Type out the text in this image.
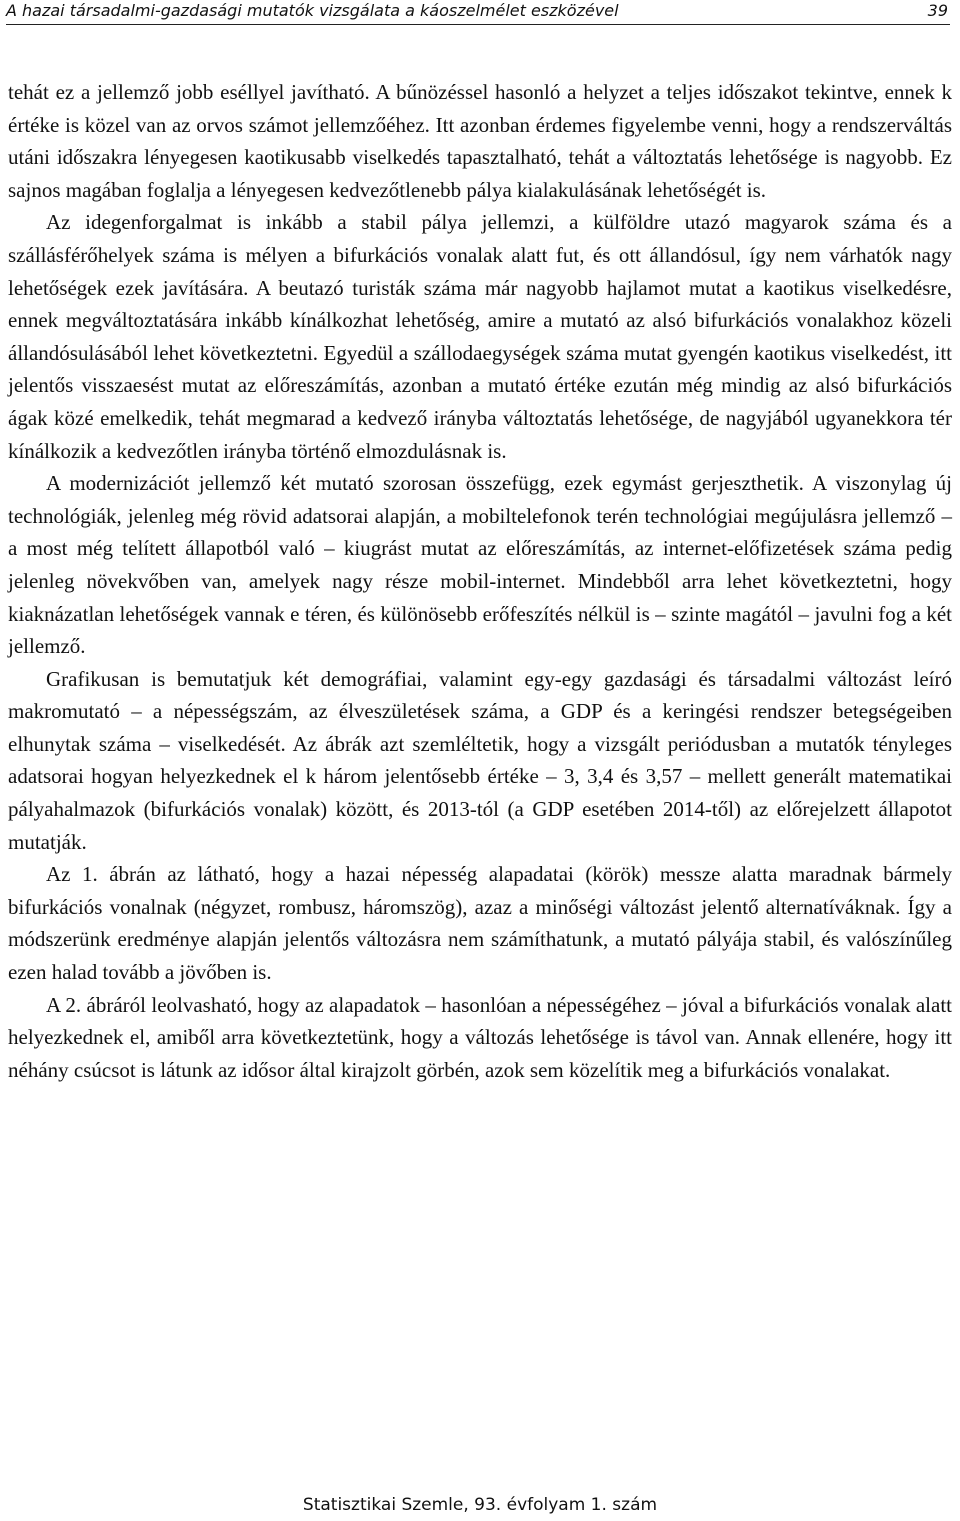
A hazai társadalmi-gazdasági mutatók vizsgálata a káoszelmélet eszközével	39

tehát ez a jellemző jobb eséllyel javítható. A bűnözéssel hasonló a helyzet a teljes időszakot tekintve, ennek k értéke is közel van az orvos számot jellemzőéhez. Itt azonban érdemes figyelembe venni, hogy a rendszerváltás utáni időszakra lényegesen kaotikusabb viselkedés tapasztalható, tehát a változtatás lehetősége is nagyobb. Ez sajnos magában foglalja a lényegesen kedvezőtlenebb pálya kialakulásának lehetőségét is.

Az idegenforgalmat is inkább a stabil pálya jellemzi, a külföldre utazó magyarok száma és a szállásférőhelyek száma is mélyen a bifurkációs vonalak alatt fut, és ott állandósul, így nem várhatók nagy lehetőségek ezek javítására. A beutazó turisták száma már nagyobb hajlamot mutat a kaotikus viselkedésre, ennek megváltoztatására inkább kínálkozhat lehetőség, amire a mutató az alsó bifurkációs vonalakhoz közeli állandósulásából lehet következtetni. Egyedül a szállodaegységek száma mutat gyengén kaotikus viselkedést, itt jelentős visszaesést mutat az előreszámítás, azonban a mutató értéke ezután még mindig az alsó bifurkációs ágak közé emelkedik, tehát megmarad a kedvező irányba változtatás lehetősége, de nagyjából ugyanekkora tér kínálkozik a kedvezőtlen irányba történő elmozdulásnak is.

A modernizációt jellemző két mutató szorosan összefügg, ezek egymást gerjeszthetik. A viszonylag új technológiák, jelenleg még rövid adatsorai alapján, a mobiltelefonok terén technológiai megújulásra jellemző – a most még telített állapotból való – kiugrást mutat az előreszámítás, az internet-előfizetések száma pedig jelenleg növekvőben van, amelyek nagy része mobil-internet. Mindebből arra lehet következtetni, hogy kiaknázatlan lehetőségek vannak e téren, és különösebb erőfeszítés nélkül is – szinte magától – javulni fog a két jellemző.

Grafikusan is bemutatjuk két demográfiai, valamint egy-egy gazdasági és társadalmi változást leíró makromutató – a népességszám, az élveszületések száma, a GDP és a keringési rendszer betegségeiben elhunytak száma – viselkedését. Az ábrák azt szemléltetik, hogy a vizsgált periódusban a mutatók tényleges adatsorai hogyan helyezkednek el k három jelentősebb értéke – 3, 3,4 és 3,57 – mellett generált matematikai pályahalmazok (bifurkációs vonalak) között, és 2013-tól (a GDP esetében 2014-től) az előrejelzett állapotot mutatják.

Az 1. ábrán az látható, hogy a hazai népesség alapadatai (körök) messze alatta maradnak bármely bifurkációs vonalnak (négyzet, rombusz, háromszög), azaz a minőségi változást jelentő alternatíváknak. Így a módszerünk eredménye alapján jelentős változásra nem számíthatunk, a mutató pályája stabil, és valószínűleg ezen halad tovább a jövőben is.

A 2. ábráról leolvasható, hogy az alapadatok – hasonlóan a népességéhez – jóval a bifurkációs vonalak alatt helyezkednek el, amiből arra következtetünk, hogy a változás lehetősége is távol van. Annak ellenére, hogy itt néhány csúcsot is látunk az idősor által kirajzolt görbén, azok sem közelítik meg a bifurkációs vonalakat.

Statisztikai Szemle, 93. évfolyam 1. szám
